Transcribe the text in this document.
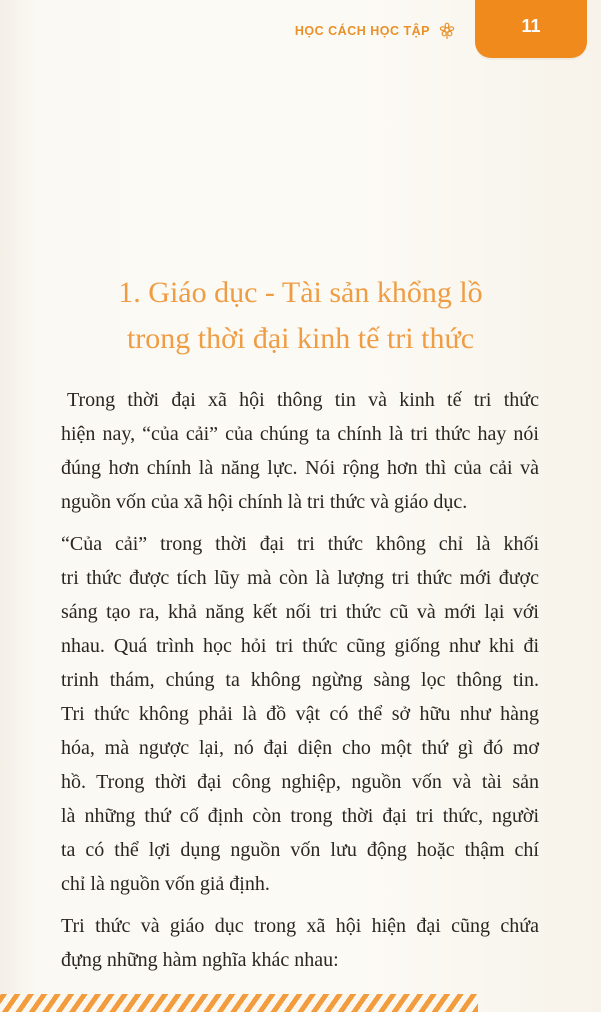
HỌC CÁCH HỌC TẬP	11
1. Giáo dục - Tài sản khổng lồ
trong thời đại kinh tế tri thức

Trong thời đại xã hội thông tin và kinh tế tri thức
hiện nay, “của cải” của chúng ta chính là tri thức hay nói
đúng hơn chính là năng lực. Nói rộng hơn thì của cải và
nguồn vốn của xã hội chính là tri thức và giáo dục.

“Của cải” trong thời đại tri thức không chỉ là khối
tri thức được tích lũy mà còn là lượng tri thức mới được
sáng tạo ra, khả năng kết nối tri thức cũ và mới lại với
nhau. Quá trình học hỏi tri thức cũng giống như khi đi
trinh thám, chúng ta không ngừng sàng lọc thông tin.
Tri thức không phải là đồ vật có thể sở hữu như hàng
hóa, mà ngược lại, nó đại diện cho một thứ gì đó mơ
hồ. Trong thời đại công nghiệp, nguồn vốn và tài sản
là những thứ cố định còn trong thời đại tri thức, người
ta có thể lợi dụng nguồn vốn lưu động hoặc thậm chí
chỉ là nguồn vốn giả định.

Tri thức và giáo dục trong xã hội hiện đại cũng chứa
đựng những hàm nghĩa khác nhau:
